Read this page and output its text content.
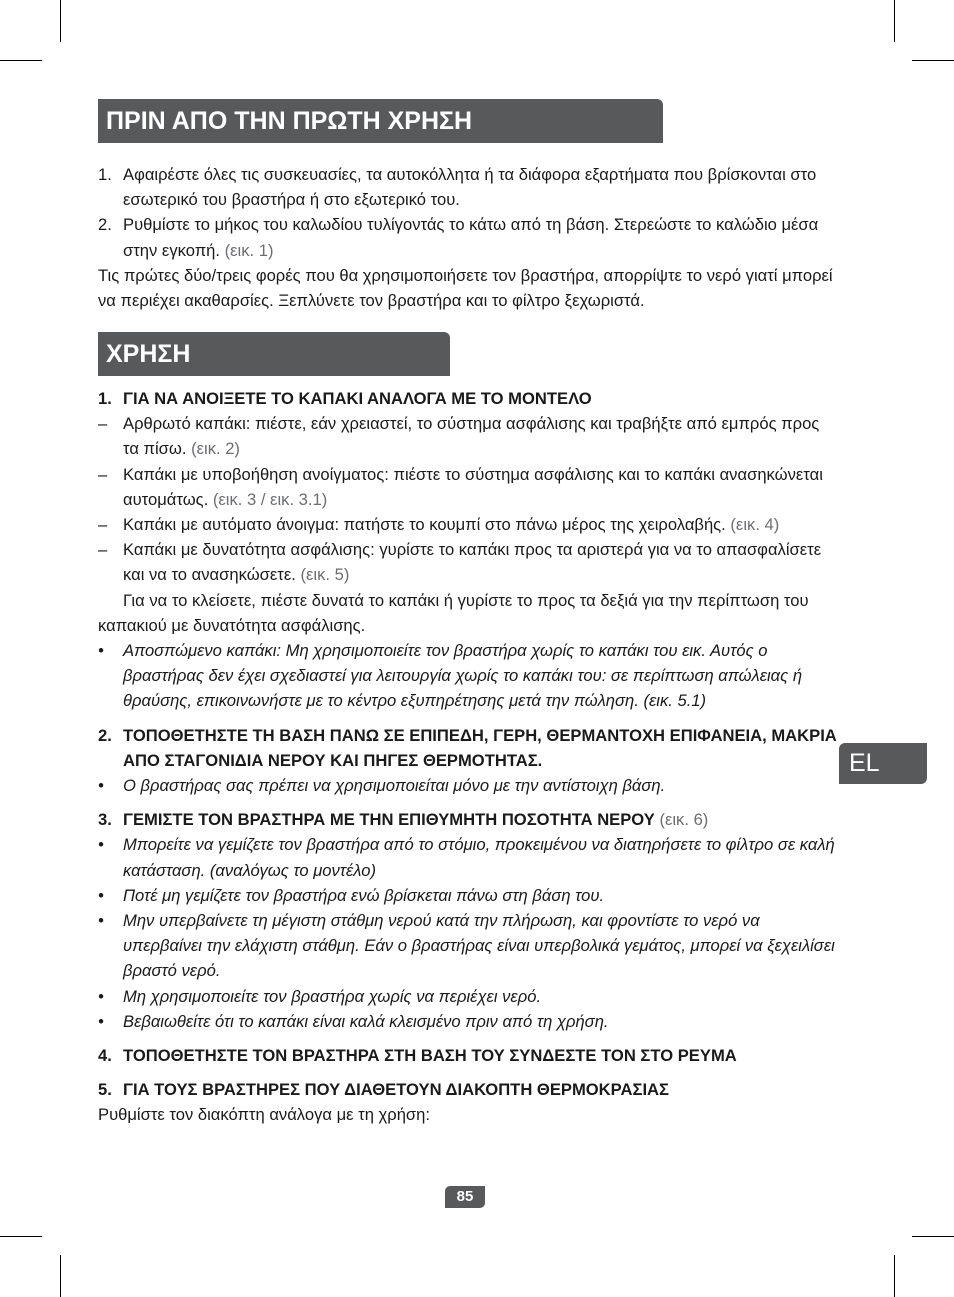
ΠΡΙΝ ΑΠΟ ΤΗΝ ΠΡΩΤΗ ΧΡΗΣΗ
1. Αφαιρέστε όλες τις συσκευασίες, τα αυτοκόλλητα ή τα διάφορα εξαρτήματα που βρίσκονται στο εσωτερικό του βραστήρα ή στο εξωτερικό του.
2. Ρυθμίστε το μήκος του καλωδίου τυλίγοντάς το κάτω από τη βάση. Στερεώστε το καλώδιο μέσα στην εγκοπή. (εικ. 1)

Τις πρώτες δύο/τρεις φορές που θα χρησιμοποιήσετε τον βραστήρα, απορρίψτε το νερό γιατί μπορεί να περιέχει ακαθαρσίες. Ξεπλύνετε τον βραστήρα και το φίλτρο ξεχωριστά.

ΧΡΗΣΗ
1. ΓΙΑ ΝΑ ΑΝΟΙΞΕΤΕ ΤΟ ΚΑΠΑΚΙ ΑΝΑΛΟΓΑ ΜΕ ΤΟ ΜΟΝΤΕΛΟ
– Αρθρωτό καπάκι: πιέστε, εάν χρειαστεί, το σύστημα ασφάλισης και τραβήξτε από εμπρός προς τα πίσω. (εικ. 2)
– Καπάκι με υποβοήθηση ανοίγματος: πιέστε το σύστημα ασφάλισης και το καπάκι ανασηκώνεται αυτομάτως. (εικ. 3 / εικ. 3.1)
– Καπάκι με αυτόματο άνοιγμα: πατήστε το κουμπί στο πάνω μέρος της χειρολαβής. (εικ. 4)
– Καπάκι με δυνατότητα ασφάλισης: γυρίστε το καπάκι προς τα αριστερά για να το απασφαλίσετε και να το ανασηκώσετε. (εικ. 5)

Για να το κλείσετε, πιέστε δυνατά το καπάκι ή γυρίστε το προς τα δεξιά για την περίπτωση του καπακιού με δυνατότητα ασφάλισης.

• Αποσπώμενο καπάκι: Μη χρησιμοποιείτε τον βραστήρα χωρίς το καπάκι του εικ. Αυτός ο βραστήρας δεν έχει σχεδιαστεί για λειτουργία χωρίς το καπάκι του: σε περίπτωση απώλειας ή θραύσης, επικοινωνήστε με το κέντρο εξυπηρέτησης μετά την πώληση. (εικ. 5.1)
2. ΤΟΠΟΘΕΤΗΣΤΕ ΤΗ ΒΑΣΗ ΠΑΝΩ ΣΕ ΕΠΙΠΕΔΗ, ΓΕΡΗ, ΘΕΡΜΑΝΤΟΧΗ ΕΠΙΦΑΝΕΙΑ, ΜΑΚΡΙΑ ΑΠΟ ΣΤΑΓΟΝΙΔΙΑ ΝΕΡΟΥ ΚΑΙ ΠΗΓΕΣ ΘΕΡΜΟΤΗΤΑΣ.
• Ο βραστήρας σας πρέπει να χρησιμοποιείται μόνο με την αντίστοιχη βάση.
3. ΓΕΜΙΣΤΕ ΤΟΝ ΒΡΑΣΤΗΡΑ ΜΕ ΤΗΝ ΕΠΙΘΥΜΗΤΗ ΠΟΣΟΤΗΤΑ ΝΕΡΟΥ (εικ. 6)
• Μπορείτε να γεμίζετε τον βραστήρα από το στόμιο, προκειμένου να διατηρήσετε το φίλτρο σε καλή κατάσταση. (αναλόγως το μοντέλο)
• Ποτέ μη γεμίζετε τον βραστήρα ενώ βρίσκεται πάνω στη βάση του.
• Μην υπερβαίνετε τη μέγιστη στάθμη νερού κατά την πλήρωση, και φροντίστε το νερό να υπερβαίνει την ελάχιστη στάθμη. Εάν ο βραστήρας είναι υπερβολικά γεμάτος, μπορεί να ξεχειλίσει βραστό νερό.
• Μη χρησιμοποιείτε τον βραστήρα χωρίς να περιέχει νερό.
• Βεβαιωθείτε ότι το καπάκι είναι καλά κλεισμένο πριν από τη χρήση.
4. ΤΟΠΟΘΕΤΗΣΤΕ ΤΟΝ ΒΡΑΣΤΗΡΑ ΣΤΗ ΒΑΣΗ ΤΟΥ ΣΥΝΔΕΣΤΕ ΤΟΝ ΣΤΟ ΡΕΥΜΑ
5. ΓΙΑ ΤΟΥΣ ΒΡΑΣΤΗΡΕΣ ΠΟΥ ΔΙΑΘΕΤΟΥΝ ΔΙΑΚΟΠΤΗ ΘΕΡΜΟΚΡΑΣΙΑΣ

Ρυθμίστε τον διακόπτη ανάλογα με τη χρήση:

EL
85
